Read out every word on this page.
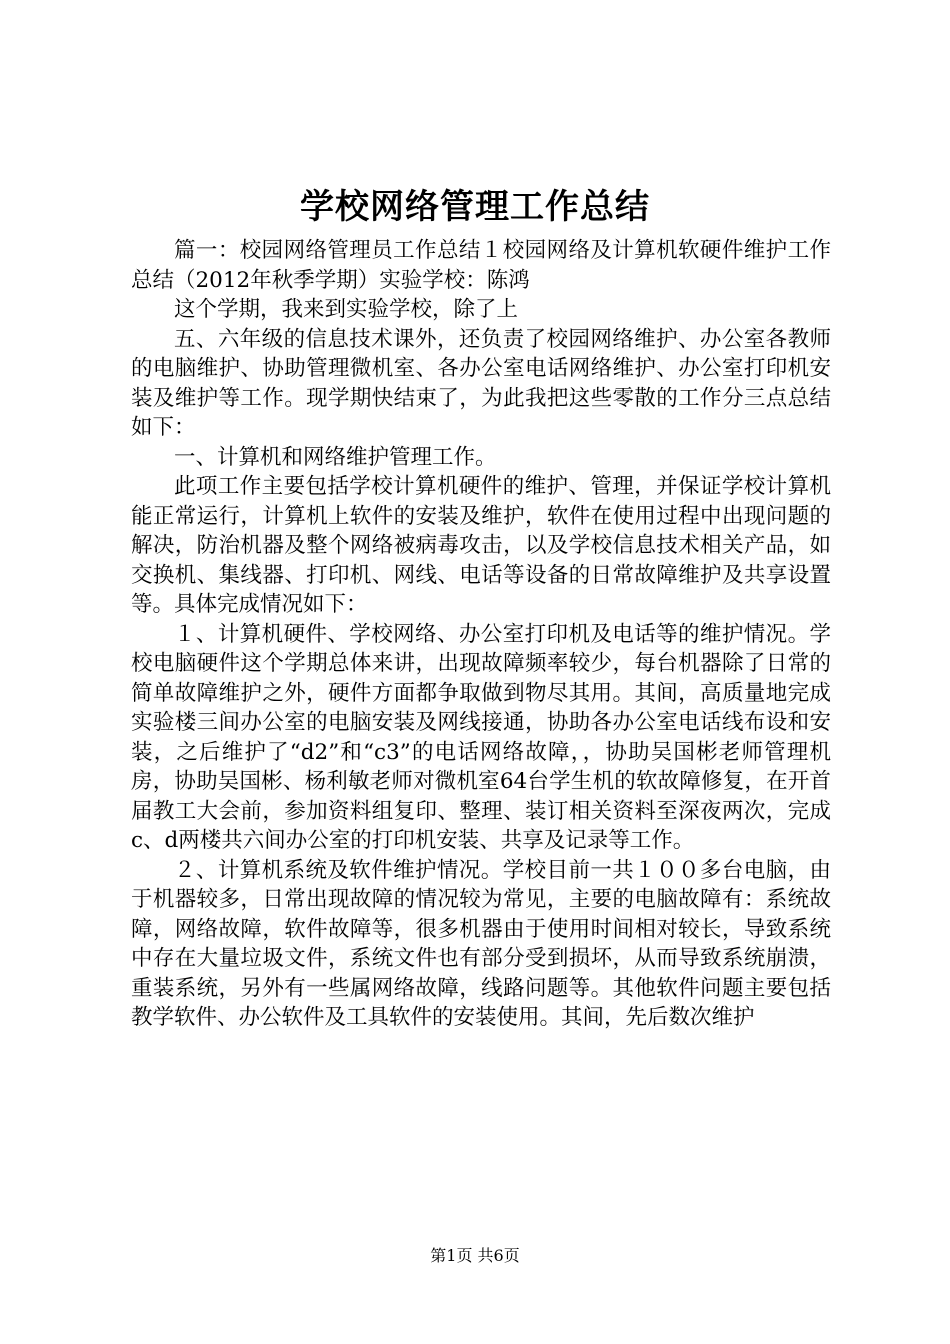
学校网络管理工作总结

篇一：校园网络管理员工作总结１校园网络及计算机软硬件维护工作总结（2012年秋季学期）实验学校：陈鸿

这个学期，我来到实验学校，除了上

五、六年级的信息技术课外，还负责了校园网络维护、办公室各教师的电脑维护、协助管理微机室、各办公室电话网络维护、办公室打印机安装及维护等工作。现学期快结束了，为此我把这些零散的工作分三点总结如下：

一、计算机和网络维护管理工作。

此项工作主要包括学校计算机硬件的维护、管理，并保证学校计算机能正常运行，计算机上软件的安装及维护，软件在使用过程中出现问题的解决，防治机器及整个网络被病毒攻击，以及学校信息技术相关产品，如交换机、集线器、打印机、网线、电话等设备的日常故障维护及共享设置等。具体完成情况如下：

１、计算机硬件、学校网络、办公室打印机及电话等的维护情况。学校电脑硬件这个学期总体来讲，出现故障频率较少，每台机器除了日常的简单故障维护之外，硬件方面都争取做到物尽其用。其间，高质量地完成实验楼三间办公室的电脑安装及网线接通，协助各办公室电话线布设和安装，之后维护了“d2”和“c3”的电话网络故障，，协助吴国彬老师管理机房，协助吴国彬、杨利敏老师对微机室64台学生机的软故障修复，在开首届教工大会前，参加资料组复印、整理、装订相关资料至深夜两次，完成c、d两楼共六间办公室的打印机安装、共享及记录等工作。

２、计算机系统及软件维护情况。学校目前一共１００多台电脑，由于机器较多，日常出现故障的情况较为常见，主要的电脑故障有：系统故障，网络故障，软件故障等，很多机器由于使用时间相对较长，导致系统中存在大量垃圾文件，系统文件也有部分受到损坏，从而导致系统崩溃，重装系统，另外有一些属网络故障，线路问题等。其他软件问题主要包括教学软件、办公软件及工具软件的安装使用。其间，先后数次维护

第1页 共6页
